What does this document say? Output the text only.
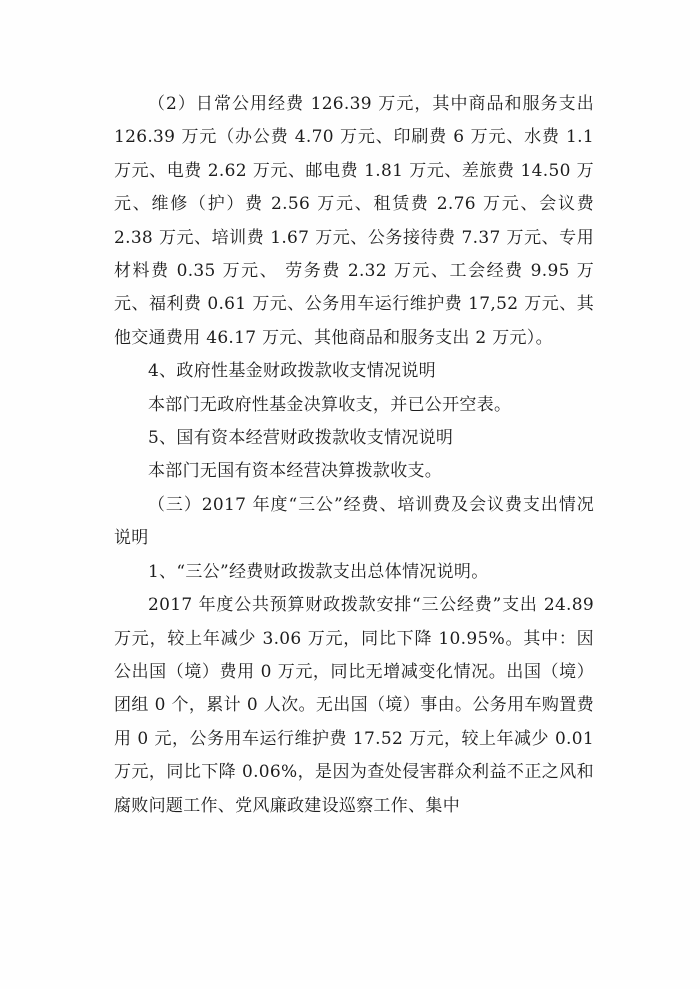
（2）日常公用经费 126.39 万元，其中商品和服务支出 126.39 万元（办公费 4.70 万元、印刷费 6 万元、水费 1.1 万元、电费 2.62 万元、邮电费 1.81 万元、差旅费 14.50 万元、维修（护）费 2.56 万元、租赁费 2.76 万元、会议费 2.38 万元、培训费 1.67 万元、公务接待费 7.37 万元、专用材料费 0.35 万元、 劳务费 2.32 万元、工会经费 9.95 万元、福利费 0.61 万元、公务用车运行维护费 17,52 万元、其他交通费用 46.17 万元、其他商品和服务支出 2 万元）。

4、政府性基金财政拨款收支情况说明

本部门无政府性基金决算收支，并已公开空表。

5、国有资本经营财政拨款收支情况说明

本部门无国有资本经营决算拨款收支。

（三）2017 年度“三公”经费、培训费及会议费支出情况说明

1、“三公”经费财政拨款支出总体情况说明。

2017 年度公共预算财政拨款安排“三公经费”支出 24.89 万元，较上年减少 3.06 万元，同比下降 10.95%。其中：因公出国（境）费用 0 万元，同比无增减变化情况。出国（境）团组 0 个，累计 0 人次。无出国（境）事由。公务用车购置费用 0 元，公务用车运行维护费 17.52 万元，较上年减少 0.01 万元，同比下降 0.06%，是因为查处侵害群众利益不正之风和腐败问题工作、党风廉政建设巡察工作、集中
